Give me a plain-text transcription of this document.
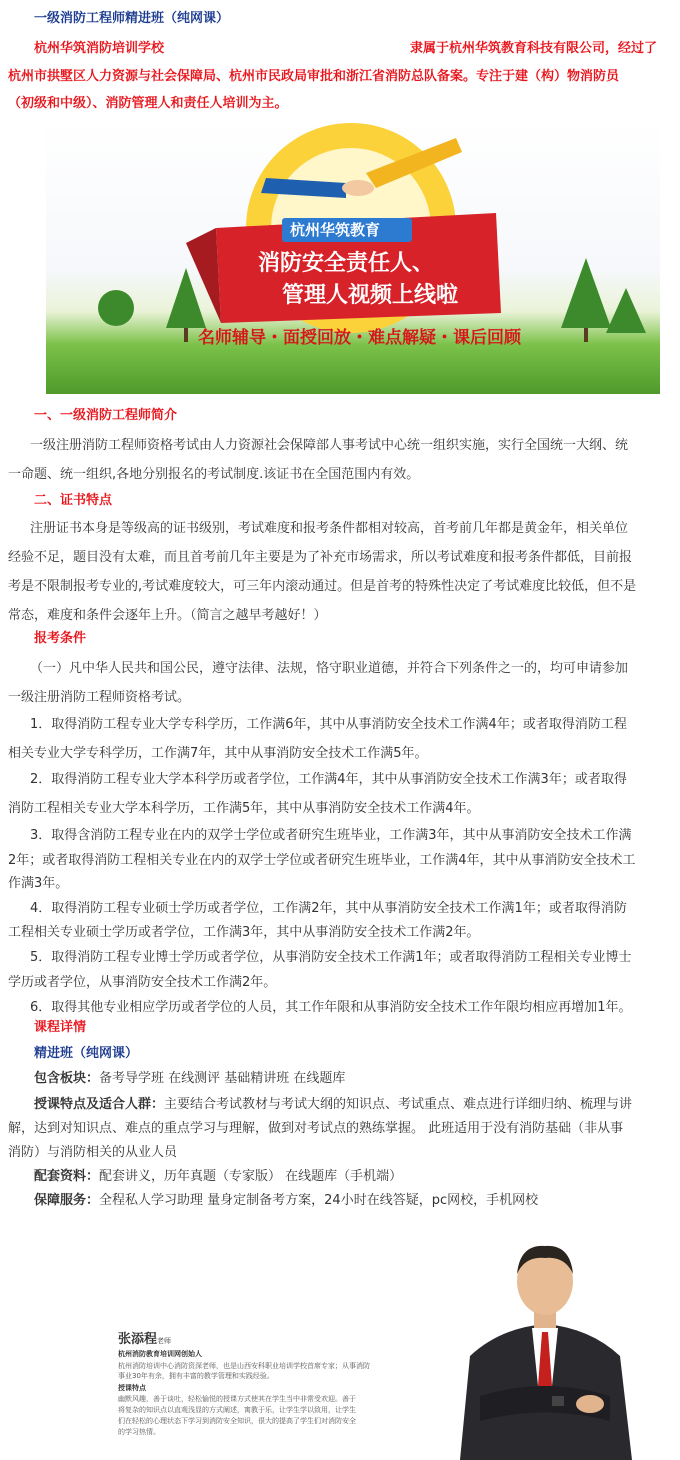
一级消防工程师精进班（纯网课）
杭州华筑消防培训学校	隶属于杭州华筑教育科技有限公司，经过了
杭州市拱墅区人力资源与社会保障局、杭州市民政局审批和浙江省消防总队备案。专注于建（构）物消防员
（初级和中级）、消防管理人和责任人培训为主。
杭州华筑教育
消防安全责任人、
管理人视频上线啦
名师辅导・面授回放・难点解疑・课后回顾
一、一级消防工程师简介
一级注册消防工程师资格考试由人力资源社会保障部人事考试中心统一组织实施，实行全国统一大纲、统
一命题、统一组织,各地分别报名的考试制度.该证书在全国范围内有效。
二、证书特点
注册证书本身是等级高的证书级别，考试难度和报考条件都相对较高，首考前几年都是黄金年，相关单位
经验不足，题目没有太难，而且首考前几年主要是为了补充市场需求，所以考试难度和报考条件都低，目前报
考是不限制报考专业的,考试难度较大，可三年内滚动通过。但是首考的特殊性决定了考试难度比较低，但不是
常态，难度和条件会逐年上升。（简言之越早考越好！）
报考条件
（一）凡中华人民共和国公民，遵守法律、法规，恪守职业道德，并符合下列条件之一的，均可申请参加
一级注册消防工程师资格考试。
1．取得消防工程专业大学专科学历，工作满6年，其中从事消防安全技术工作满4年；或者取得消防工程
相关专业大学专科学历，工作满7年，其中从事消防安全技术工作满5年。
2．取得消防工程专业大学本科学历或者学位，工作满4年，其中从事消防安全技术工作满3年；或者取得
消防工程相关专业大学本科学历，工作满5年，其中从事消防安全技术工作满4年。
3．取得含消防工程专业在内的双学士学位或者研究生班毕业，工作满3年，其中从事消防安全技术工作满
2年；或者取得消防工程相关专业在内的双学士学位或者研究生班毕业，工作满4年，其中从事消防安全技术工
作满3年。
4．取得消防工程专业硕士学历或者学位，工作满2年，其中从事消防安全技术工作满1年；或者取得消防
工程相关专业硕士学历或者学位，工作满3年，其中从事消防安全技术工作满2年。
5．取得消防工程专业博士学历或者学位，从事消防安全技术工作满1年；或者取得消防工程相关专业博士
学历或者学位，从事消防安全技术工作满2年。
6．取得其他专业相应学历或者学位的人员，其工作年限和从事消防安全技术工作年限均相应再增加1年。
课程详情
精进班（纯网课）
包含板块：备考导学班 在线测评 基础精讲班 在线题库
授课特点及适合人群：主要结合考试教材与考试大纲的知识点、考试重点、难点进行详细归纳、梳理与讲
解，达到对知识点、难点的重点学习与理解，做到对考试点的熟练掌握。 此班适用于没有消防基础（非从事
消防）与消防相关的从业人员
配套资料：配套讲义，历年真题（专家版） 在线题库（手机端）
保障服务：全程私人学习助理 量身定制备考方案，24小时在线答疑，pc网校，手机网校
张添程老师
杭州消防教育培训网创始人
杭州消防培训中心消防资深老师，也是山西安科职业培训学校首席专家；从事消防
事业30年有余，拥有丰富的教学管理和实践经验。
授课特点
幽默风趣，善于谈吐，轻松愉悦的授课方式使其在学生当中非常受欢迎。善于
将复杂的知识点以直观浅显的方式阐述，寓教于乐，让学生学以致用，让学生
们在轻松的心理状态下学习到消防安全知识，很大的提高了学生们对消防安全
的学习热情。
